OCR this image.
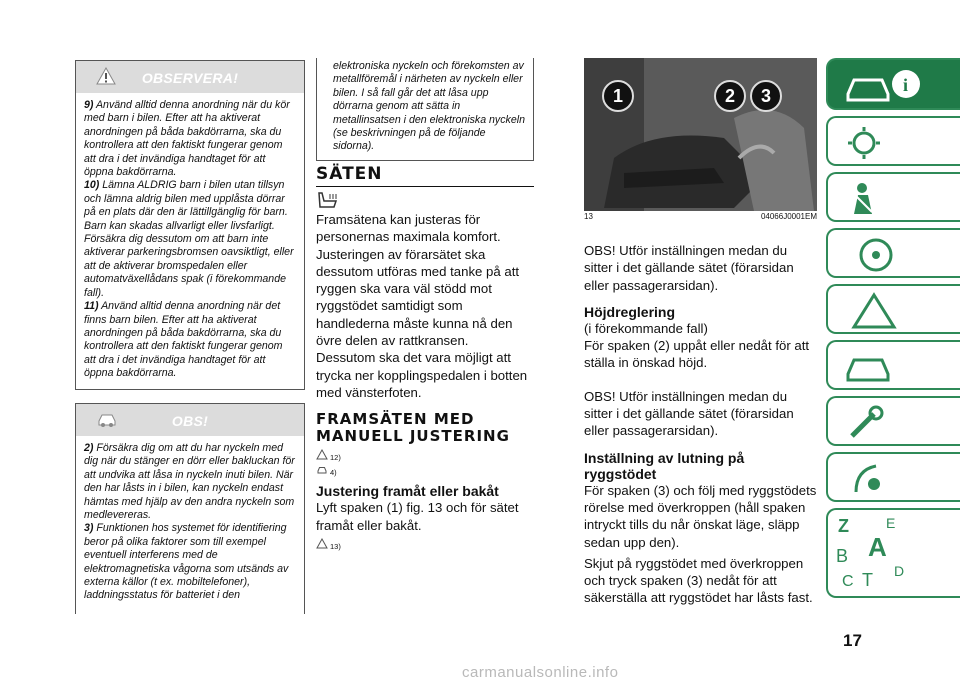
OBSERVERA!

9) Använd alltid denna anordning när du kör med barn i bilen. Efter att ha aktiverat anordningen på båda bakdörrarna, ska du kontrollera att den faktiskt fungerar genom att dra i det invändiga handtaget för att öppna bakdörrarna.

10) Lämna ALDRIG barn i bilen utan tillsyn och lämna aldrig bilen med upplåsta dörrar på en plats där den är lättillgänglig för barn. Barn kan skadas allvarligt eller livsfarligt. Försäkra dig dessutom om att barn inte aktiverar parkeringsbromsen oavsiktligt, eller att de aktiverar bromspedalen eller automatväxellådans spak (i förekommande fall).

11) Använd alltid denna anordning när det finns barn bilen. Efter att ha aktiverat anordningen på båda bakdörrarna, ska du kontrollera att den faktiskt fungerar genom att dra i det invändiga handtaget för att öppna bakdörrarna.

OBS!

2) Försäkra dig om att du har nyckeln med dig när du stänger en dörr eller bakluckan för att undvika att låsa in nyckeln inuti bilen. När den har låsts in i bilen, kan nyckeln endast hämtas med hjälp av den andra nyckeln som medlevereras.

3) Funktionen hos systemet för identifiering beror på olika faktorer som till exempel eventuell interferens med de elektromagnetiska vågorna som utsänds av externa källor (t ex. mobiltelefoner), laddningsstatus för batteriet i den

elektroniska nyckeln och förekomsten av metallföremål i närheten av nyckeln eller bilen. I så fall går det att låsa upp dörrarna genom att sätta in metallinsatsen i den elektroniska nyckeln (se beskrivningen på de följande sidorna).
SÄTEN
Framsätena kan justeras för personernas maximala komfort.
Justeringen av förarsätet ska dessutom utföras med tanke på att ryggen ska vara väl stödd mot ryggstödet samtidigt som handlederna måste kunna nå den övre delen av rattkransen.
Dessutom ska det vara möjligt att trycka ner kopplingspedalen i botten med vänsterfoten.
FRAMSÄTEN MED MANUELL JUSTERING
12)
4)
Justering framåt eller bakåt
Lyft spaken (1) fig. 13 och för sätet framåt eller bakåt.
13)
1	2	3
13	04066J0001EM
OBS! Utför inställningen medan du sitter i det gällande sätet (förarsidan eller passagerarsidan).
Höjdreglering
(i förekommande fall)
För spaken (2) uppåt eller nedåt för att ställa in önskad höjd.
OBS! Utför inställningen medan du sitter i det gällande sätet (förarsidan eller passagerarsidan).
Inställning av lutning på ryggstödet
För spaken (3) och följ med ryggstödets rörelse med överkroppen (håll spaken intryckt tills du når önskat läge, släpp sedan upp den).
Skjut på ryggstödet med överkroppen och tryck spaken (3) nedåt för att säkerställa att ryggstödet har låsts fast.
i
Z	E
B A
C T D
17
carmanualsonline.info
